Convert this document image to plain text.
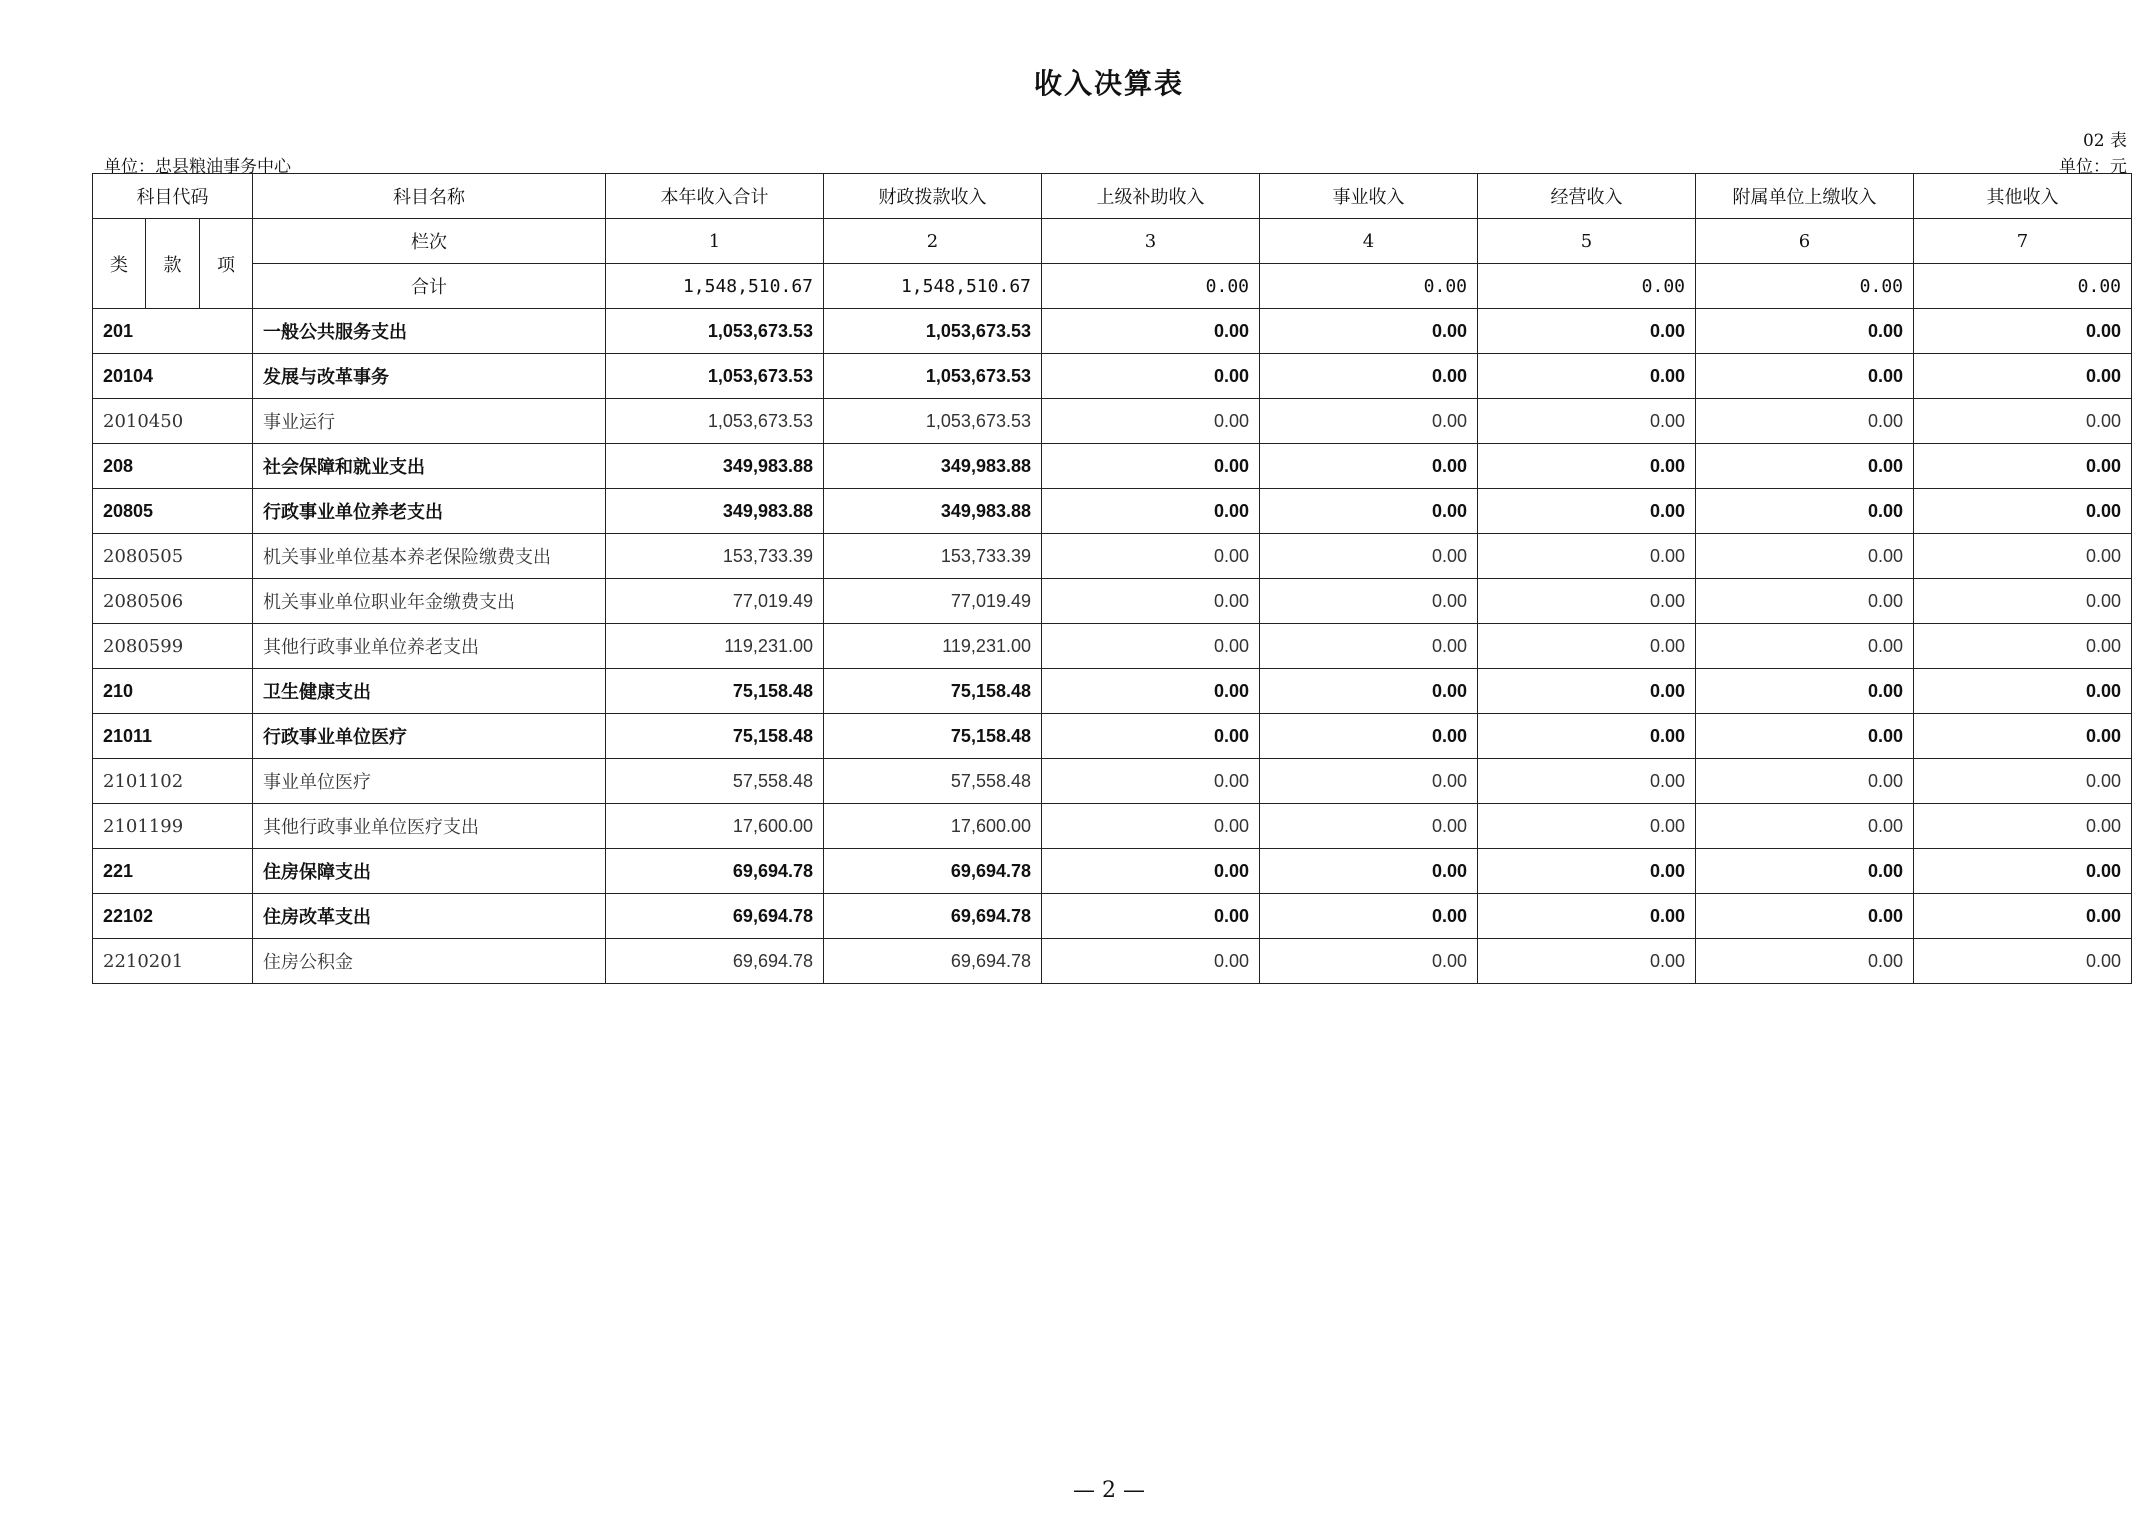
收入决算表
02 表
单位：忠县粮油事务中心	单位：元
科目代码			科目名称	本年收入合计	财政拨款收入	上级补助收入	事业收入	经营收入	附属单位上缴收入	其他收入
类	款	项	栏次	1	2	3	4	5	6	7
			合计	1,548,510.67	1,548,510.67	0.00	0.00	0.00	0.00	0.00
201			一般公共服务支出	1,053,673.53	1,053,673.53	0.00	0.00	0.00	0.00	0.00
20104			发展与改革事务	1,053,673.53	1,053,673.53	0.00	0.00	0.00	0.00	0.00
2010450			事业运行	1,053,673.53	1,053,673.53	0.00	0.00	0.00	0.00	0.00
208			社会保障和就业支出	349,983.88	349,983.88	0.00	0.00	0.00	0.00	0.00
20805			行政事业单位养老支出	349,983.88	349,983.88	0.00	0.00	0.00	0.00	0.00
2080505			机关事业单位基本养老保险缴费支出	153,733.39	153,733.39	0.00	0.00	0.00	0.00	0.00
2080506			机关事业单位职业年金缴费支出	77,019.49	77,019.49	0.00	0.00	0.00	0.00	0.00
2080599			其他行政事业单位养老支出	119,231.00	119,231.00	0.00	0.00	0.00	0.00	0.00
210			卫生健康支出	75,158.48	75,158.48	0.00	0.00	0.00	0.00	0.00
21011			行政事业单位医疗	75,158.48	75,158.48	0.00	0.00	0.00	0.00	0.00
2101102			事业单位医疗	57,558.48	57,558.48	0.00	0.00	0.00	0.00	0.00
2101199			其他行政事业单位医疗支出	17,600.00	17,600.00	0.00	0.00	0.00	0.00	0.00
221			住房保障支出	69,694.78	69,694.78	0.00	0.00	0.00	0.00	0.00
22102			住房改革支出	69,694.78	69,694.78	0.00	0.00	0.00	0.00	0.00
2210201			住房公积金	69,694.78	69,694.78	0.00	0.00	0.00	0.00	0.00
— 2 —
